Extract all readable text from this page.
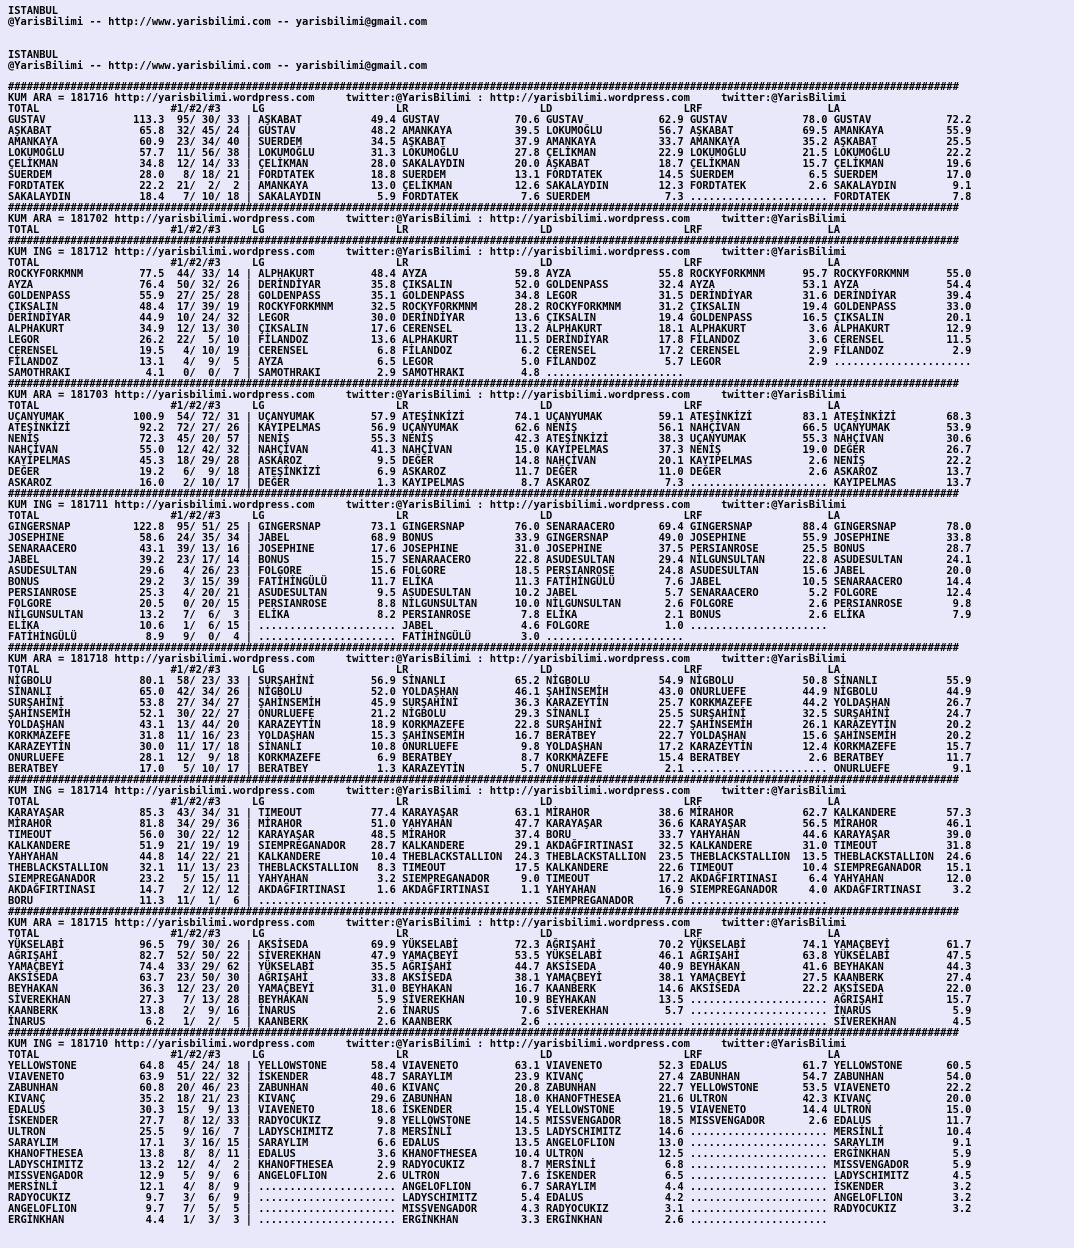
ISTANBUL
@YarisBilimi -- http://www.yarisbilimi.com -- yarisbilimi@gmail.com
ISTANBUL
@YarisBilimi -- http://www.yarisbilimi.com -- yarisbilimi@gmail.com
########################################################################################################################################################
KUM ARA = 181716 http://yarisbilimi.wordpress.com     twitter:@YarisBilimi : http://yarisbilimi.wordpress.com     twitter:@YarisBilimi
TOTAL                     #1/#2/#3     LG                     LR                     LD                     LRF                    LA
GUSTAV              113.3  95/ 30/ 33 | AŞKABAT           49.4 GUSTAV            70.6 GUSTAV            62.9 GUSTAV            78.0 GUSTAV            72.2
AŞKABAT              65.8  32/ 45/ 24 | GUSTAV            48.2 AMANKAYA          39.5 LOKUMOĞLU         56.7 AŞKABAT           69.5 AMANKAYA          55.9
AMANKAYA             60.9  23/ 34/ 40 | SUERDEM           34.5 AŞKABAT           37.9 AMANKAYA          33.7 AMANKAYA          35.2 AŞKABAT           25.5
LOKUMOĞLU            57.7  11/ 56/ 38 | LOKUMOĞLU         31.3 LOKUMOĞLU         27.8 ÇELİKMAN          22.9 LOKUMOĞLU         21.5 LOKUMOĞLU         22.2
ÇELİKMAN             34.8  12/ 14/ 33 | ÇELİKMAN          28.0 SAKALAYDIN        20.0 AŞKABAT           18.7 ÇELİKMAN          15.7 ÇELİKMAN          19.6
SUERDEM              28.0   8/ 18/ 21 | FORDTATEK         18.8 SUERDEM           13.1 FORDTATEK         14.5 SUERDEM            6.5 SUERDEM           17.0
FORDTATEK            22.2  21/  2/  2 | AMANKAYA          13.0 ÇELİKMAN          12.6 SAKALAYDIN        12.3 FORDTATEK          2.6 SAKALAYDIN         9.1
SAKALAYDIN           18.4   7/ 10/ 18 | SAKALAYDIN         5.9 FORDTATEK          7.6 SUERDEM            7.3 ...................... FORDTATEK          7.8
########################################################################################################################################################
KUM ARA = 181702 http://yarisbilimi.wordpress.com     twitter:@YarisBilimi : http://yarisbilimi.wordpress.com     twitter:@YarisBilimi
TOTAL                     #1/#2/#3     LG                     LR                     LD                     LRF                    LA
########################################################################################################################################################
KUM ING = 181712 http://yarisbilimi.wordpress.com     twitter:@YarisBilimi : http://yarisbilimi.wordpress.com     twitter:@YarisBilimi
TOTAL                     #1/#2/#3     LG                     LR                     LD                     LRF                    LA
ROCKYFORKMNM         77.5  44/ 33/ 14 | ALPHAKURT         48.4 AYZA              59.8 AYZA              55.8 ROCKYFORKMNM      95.7 ROCKYFORKMNM      55.0
AYZA                 76.4  50/ 32/ 26 | DERİNDİYAR        35.8 ÇIKSALIN          52.0 GOLDENPASS        32.4 AYZA              53.1 AYZA              54.4
GOLDENPASS           55.9  27/ 25/ 28 | GOLDENPASS        35.1 GOLDENPASS        34.8 LEGOR             31.5 DERİNDİYAR        31.6 DERİNDİYAR        39.4
ÇIKSALIN             48.4  17/ 39/ 19 | ROCKYFORKMNM      32.5 ROCKYFORKMNM      28.2 ROCKYFORKMNM      31.2 ÇIKSALIN          19.4 GOLDENPASS        33.0
DERİNDİYAR           44.9  10/ 24/ 32 | LEGOR             30.0 DERİNDİYAR        13.6 ÇIKSALIN          19.4 GOLDENPASS        16.5 ÇIKSALIN          20.1
ALPHAKURT            34.9  12/ 13/ 30 | ÇIKSALIN          17.6 CERENSEL          13.2 ALPHAKURT         18.1 ALPHAKURT          3.6 ALPHAKURT         12.9
LEGOR                26.2  22/  5/ 10 | FİLANDOZ          13.6 ALPHAKURT         11.5 DERİNDİYAR        17.8 FİLANDOZ           3.6 CERENSEL          11.5
CERENSEL             19.5   4/ 10/ 19 | CERENSEL           6.8 FİLANDOZ           6.2 CERENSEL          17.2 CERENSEL           2.9 FİLANDOZ           2.9
FİLANDOZ             13.1   4/  9/  5 | AYZA               6.5 LEGOR              5.0 FİLANDOZ           5.7 LEGOR              2.9 ......................
SAMOTHRAKI            4.1   0/  0/  7 | SAMOTHRAKI         2.9 SAMOTHRAKI         4.8 ......................
########################################################################################################################################################
KUM ARA = 181703 http://yarisbilimi.wordpress.com     twitter:@YarisBilimi : http://yarisbilimi.wordpress.com     twitter:@YarisBilimi
TOTAL                     #1/#2/#3     LG                     LR                     LD                     LRF                    LA
UÇANYUMAK           100.9  54/ 72/ 31 | UÇANYUMAK         57.9 ATEŞİNKİZİ        74.1 UÇANYUMAK         59.1 ATEŞİNKİZİ        83.1 ATEŞİNKİZİ        68.3
ATEŞİNKİZİ           92.2  72/ 27/ 26 | KAYIPELMAS        56.9 UÇANYUMAK         62.6 NENİŞ             56.1 NAHÇİVAN          66.5 UÇANYUMAK         53.9
NENİŞ                72.3  45/ 20/ 57 | NENİŞ             55.3 NENİŞ             42.3 ATEŞİNKİZİ        38.3 UÇANYUMAK         55.3 NAHÇİVAN          30.6
NAHÇİVAN             55.0  12/ 42/ 32 | NAHÇİVAN          41.3 NAHÇİVAN          15.0 KAYIPELMAS        37.3 NENİŞ             19.0 DEĞER             26.7
KAYIPELMAS           45.3  18/ 29/ 28 | ASKAROZ            9.5 DEĞER             14.8 NAHÇİVAN          20.1 KAYIPELMAS         2.6 NENİŞ             22.2
DEĞER                19.2   6/  9/ 18 | ATEŞİNKİZİ         6.9 ASKAROZ           11.7 DEĞER             11.0 DEĞER              2.6 ASKAROZ           13.7
ASKAROZ              16.0   2/ 10/ 17 | DEĞER              1.3 KAYIPELMAS         8.7 ASKAROZ            7.3 ...................... KAYIPELMAS        13.7
########################################################################################################################################################
KUM ING = 181711 http://yarisbilimi.wordpress.com     twitter:@YarisBilimi : http://yarisbilimi.wordpress.com     twitter:@YarisBilimi
TOTAL                     #1/#2/#3     LG                     LR                     LD                     LRF                    LA
GINGERSNAP          122.8  95/ 51/ 25 | GINGERSNAP        73.1 GINGERSNAP        76.0 SENARAACERO       69.4 GINGERSNAP        88.4 GINGERSNAP        78.0
JOSEPHINE            58.6  24/ 35/ 34 | JABEL             68.9 BONUS             33.9 GINGERSNAP        49.0 JOSEPHINE         55.9 JOSEPHINE         33.8
SENARAACERO          43.1  39/ 13/ 16 | JOSEPHINE         17.6 JOSEPHINE         31.0 JOSEPHINE         37.5 PERSIANROSE       25.5 BONUS             28.7
JABEL                39.2  23/ 17/ 14 | BONUS             15.7 SENARAACERO       22.8 ASUDESULTAN       29.4 NİLGUNSULTAN      22.8 ASUDESULTAN       24.1
ASUDESULTAN          29.6   4/ 26/ 23 | FOLGORE           15.6 FOLGORE           18.5 PERSIANROSE       24.8 ASUDESULTAN       15.6 JABEL             20.0
BONUS                29.2   3/ 15/ 39 | FATİHİNGÜLÜ       11.7 ELİKA             11.3 FATİHİNGÜLÜ        7.6 JABEL             10.5 SENARAACERO       14.4
PERSIANROSE          25.3   4/ 20/ 21 | ASUDESULTAN        9.5 ASUDESULTAN       10.2 JABEL              5.7 SENARAACERO        5.2 FOLGORE           12.4
FOLGORE              20.5   0/ 20/ 15 | PERSIANROSE        8.8 NİLGUNSULTAN      10.0 NİLGUNSULTAN       2.6 FOLGORE            2.6 PERSIANROSE        9.8
NİLGUNSULTAN         13.2   7/  6/  3 | ELİKA              8.2 PERSIANROSE        7.8 ELİKA              2.1 BONUS              2.6 ELİKA              7.9
ELİKA                10.6   1/  6/ 15 | ...................... JABEL              4.6 FOLGORE            1.0 ......................
FATİHİNGÜLÜ           8.9   9/  0/  4 | ...................... FATİHİNGÜLÜ        3.0 ......................
########################################################################################################################################################
KUM ARA = 181718 http://yarisbilimi.wordpress.com     twitter:@YarisBilimi : http://yarisbilimi.wordpress.com     twitter:@YarisBilimi
TOTAL                     #1/#2/#3     LG                     LR                     LD                     LRF                    LA
NİGBOLU              80.1  58/ 23/ 33 | SURŞAHİNİ         56.9 SİNANLI           65.2 NİGBOLU           54.9 NİGBOLU           50.8 SİNANLI           55.9
SİNANLI              65.0  42/ 34/ 26 | NİGBOLU           52.0 YOLDAŞHAN         46.1 ŞAHİNSEMİH        43.0 ONURLUEFE         44.9 NİGBOLU           44.9
SURŞAHİNİ            53.8  27/ 34/ 27 | ŞAHİNSEMİH        45.9 SURŞAHİNİ         36.3 KARAZEYTİN        25.7 KORKMAZEFE        44.2 YOLDAŞHAN         26.7
ŞAHİNSEMİH           52.1  30/ 22/ 27 | ONURLUEFE         21.2 NİGBOLU           29.3 SİNANLI           25.5 SURŞAHİNİ         32.5 SURŞAHİNİ         24.7
YOLDAŞHAN            43.1  13/ 44/ 20 | KARAZEYTİN        18.9 KORKMAZEFE        22.8 SURŞAHİNİ         22.7 ŞAHİNSEMİH        26.1 KARAZEYTİN        20.2
KORKMAZEFE           31.8  11/ 16/ 23 | YOLDAŞHAN         15.3 ŞAHİNSEMİH        16.7 BERATBEY          22.7 YOLDAŞHAN         15.6 ŞAHİNSEMİH        20.2
KARAZEYTİN           30.0  11/ 17/ 18 | SİNANLI           10.8 ONURLUEFE          9.8 YOLDAŞHAN         17.2 KARAZEYTİN        12.4 KORKMAZEFE        15.7
ONURLUEFE            28.1  12/  9/ 18 | KORKMAZEFE         6.9 BERATBEY           8.7 KORKMAZEFE        15.4 BERATBEY           2.6 BERATBEY          11.7
BERATBEY             17.0   5/ 10/ 17 | BERATBEY           1.3 KARAZEYTİN         5.7 ONURLUEFE          2.1 ...................... ONURLUEFE          9.1
########################################################################################################################################################
KUM ING = 181714 http://yarisbilimi.wordpress.com     twitter:@YarisBilimi : http://yarisbilimi.wordpress.com     twitter:@YarisBilimi
TOTAL                     #1/#2/#3     LG                     LR                     LD                     LRF                    LA
KARAYAŞAR            85.3  43/ 34/ 31 | TIMEOUT           77.4 KARAYAŞAR         63.1 MİRAHOR           38.6 MİRAHOR           62.7 KALKANDERE        57.3
MİRAHOR              81.8  34/ 29/ 36 | MİRAHOR           51.0 YAHYAHAN          47.7 KARAYAŞAR         36.6 KARAYAŞAR         56.5 MİRAHOR           46.1
TIMEOUT              56.0  30/ 22/ 12 | KARAYAŞAR         48.5 MİRAHOR           37.4 BORU              33.7 YAHYAHAN          44.6 KARAYAŞAR         39.0
KALKANDERE           51.9  21/ 19/ 19 | SIEMPREGANADOR    28.7 KALKANDERE        29.1 AKDAĞFIRTINASI    32.5 KALKANDERE        31.0 TIMEOUT           31.8
YAHYAHAN             44.8  14/ 22/ 21 | KALKANDERE        10.4 THEBLACKSTALLION  24.3 THEBLACKSTALLION  23.5 THEBLACKSTALLION  13.5 THEBLACKSTALLION  24.6
THEBLACKSTALLION     32.1  11/ 13/ 23 | THEBLACKSTALLION   8.3 TIMEOUT           17.5 KALKANDERE        22.6 TIMEOUT           10.4 SIEMPREGANADOR    15.1
SIEMPREGANADOR       23.2   5/ 15/ 11 | YAHYAHAN           3.2 SIEMPREGANADOR     9.0 TIMEOUT           17.2 AKDAĞFIRTINASI     6.4 YAHYAHAN          12.0
AKDAĞFIRTINASI       14.7   2/ 12/ 12 | AKDAĞFIRTINASI     1.6 AKDAĞFIRTINASI     1.1 YAHYAHAN          16.9 SIEMPREGANADOR     4.0 AKDAĞFIRTINASI     3.2
BORU                 11.3  11/  1/  6 | ...................... ...................... SIEMPREGANADOR     7.6 ......................
########################################################################################################################################################
KUM ARA = 181715 http://yarisbilimi.wordpress.com     twitter:@YarisBilimi : http://yarisbilimi.wordpress.com     twitter:@YarisBilimi
TOTAL                     #1/#2/#3     LG                     LR                     LD                     LRF                    LA
YÜKSELABİ            96.5  79/ 30/ 26 | AKSİSEDA          69.9 YÜKSELABİ         72.3 AĞRIŞAHİ          70.2 YÜKSELABİ         74.1 YAMAÇBEYİ         61.7
AĞRIŞAHİ             82.7  52/ 50/ 22 | SİVEREKHAN        47.9 YAMAÇBEYİ         53.5 YÜKSELABİ         46.1 AĞRIŞAHİ          63.8 YÜKSELABİ         47.5
YAMAÇBEYİ            74.4  33/ 29/ 62 | YÜKSELABİ         35.5 AĞRIŞAHİ          44.7 AKSİSEDA          40.9 BEYHAKAN          41.6 BEYHAKAN          44.3
AKSİSEDA             63.7  23/ 50/ 30 | AĞRIŞAHİ          33.8 AKSİSEDA          38.1 YAMAÇBEYİ         38.1 YAMAÇBEYİ         27.5 KAANBERK          27.4
BEYHAKAN             36.3  12/ 23/ 20 | YAMAÇBEYİ         31.0 BEYHAKAN          16.7 KAANBERK          14.6 AKSİSEDA          22.2 AKSİSEDA          22.0
SİVEREKHAN           27.3   7/ 13/ 28 | BEYHAKAN           5.9 SİVEREKHAN        10.9 BEYHAKAN          13.5 ...................... AĞRIŞAHİ          15.7
KAANBERK             13.8   2/  9/ 16 | İNARUS             2.6 İNARUS             7.6 SİVEREKHAN         5.7 ...................... İNARUS             5.9
İNARUS                6.2   1/  2/  5 | KAANBERK           2.6 KAANBERK           2.6 ...................... ...................... SİVEREKHAN         4.5
########################################################################################################################################################
KUM ING = 181710 http://yarisbilimi.wordpress.com     twitter:@YarisBilimi : http://yarisbilimi.wordpress.com     twitter:@YarisBilimi
TOTAL                     #1/#2/#3     LG                     LR                     LD                     LRF                    LA
YELLOWSTONE          64.8  45/ 24/ 18 | YELLOWSTONE       58.4 VIAVENETO         63.1 VIAVENETO         52.3 EDALUS            61.7 YELLOWSTONE       60.5
VIAVENETO            63.9  51/ 22/ 32 | İSKENDER          48.7 SARAYLIM          23.9 KIVANÇ            27.4 ZABUNHAN          54.7 ZABUNHAN          54.0
ZABUNHAN             60.8  20/ 46/ 23 | ZABUNHAN          40.6 KIVANÇ            20.8 ZABUNHAN          22.7 YELLOWSTONE       53.5 VIAVENETO         22.2
KIVANÇ               35.2  18/ 21/ 23 | KIVANÇ            29.6 ZABUNHAN          18.0 KHANOFTHESEA      21.6 ULTRON            42.3 KIVANÇ            20.0
EDALUS               30.3  15/  9/ 13 | VIAVENETO         18.6 İSKENDER          15.4 YELLOWSTONE       19.5 VIAVENETO         14.4 ULTRON            15.0
İSKENDER             27.7   8/ 12/ 33 | RADYOCUKIZ         9.8 YELLOWSTONE       14.5 MISSVENGADOR      18.5 MISSVENGADOR       2.6 EDALUS            11.7
ULTRON               25.5   9/ 16/  7 | LADYSCHIMITZ       7.8 MERSİNLİ          13.5 LADYSCHIMITZ      14.6 ...................... MERSİNLİ          10.4
SARAYLIM             17.1   3/ 16/ 15 | SARAYLIM           6.6 EDALUS            13.5 ANGELOFLION       13.0 ...................... SARAYLIM           9.1
KHANOFTHESEA         13.8   8/  8/ 11 | EDALUS             3.6 KHANOFTHESEA      10.4 ULTRON            12.5 ...................... ERGİNKHAN          5.9
LADYSCHIMITZ         13.2  12/  4/  2 | KHANOFTHESEA       2.9 RADYOCUKIZ         8.7 MERSİNLİ           6.8 ...................... MISSVENGADOR       5.9
MISSVENGADOR         12.9   5/  9/  6 | ANGELOFLION        2.6 ULTRON             7.6 İSKENDER           6.5 ...................... LADYSCHIMITZ       4.5
MERSİNLİ             12.1   4/  8/  9 | ...................... ANGELOFLION        6.7 SARAYLIM           4.4 ...................... İSKENDER           3.2
RADYOCUKIZ            9.7   3/  6/  9 | ...................... LADYSCHIMITZ       5.4 EDALUS             4.2 ...................... ANGELOFLION        3.2
ANGELOFLION           9.7   7/  5/  5 | ...................... MISSVENGADOR       4.3 RADYOCUKIZ         3.1 ...................... RADYOCUKIZ         3.2
ERGİNKHAN             4.4   1/  3/  3 | ...................... ERGİNKHAN          3.3 ERGİNKHAN          2.6 ......................
